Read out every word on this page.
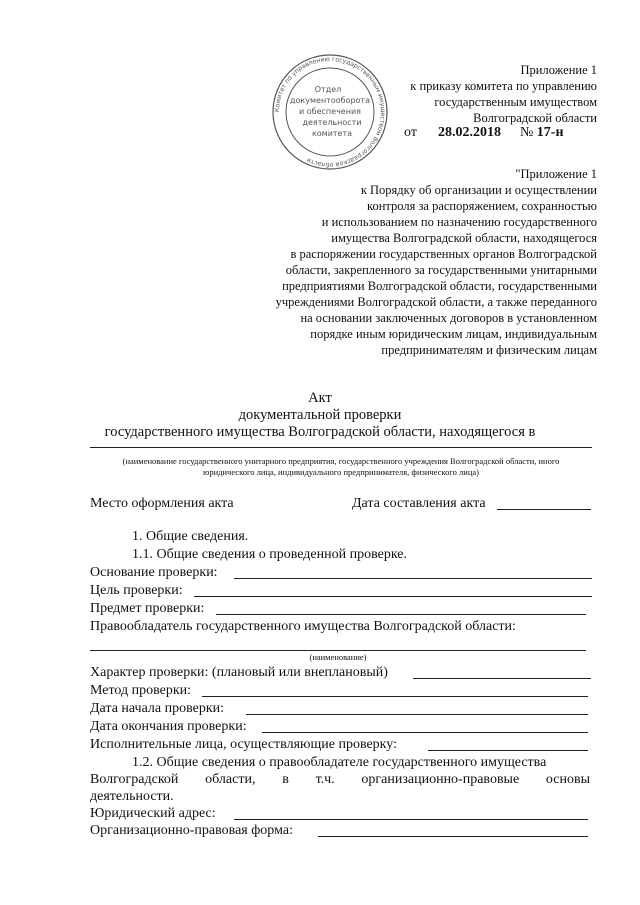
Комитет по управлению государственным имуществом Волгоградской области
Отдел
документооборота
и обеспечения
деятельности
комитета
Приложение 1
к приказу комитета по управлению
государственным имуществом
Волгоградской области
от 28.02.2018 № 17-н
"Приложение 1
к Порядку об организации и осуществлении
контроля за распоряжением, сохранностью
и использованием по назначению государственного
имущества Волгоградской области, находящегося
в распоряжении государственных органов Волгоградской
области, закрепленного за государственными унитарными
предприятиями Волгоградской области, государственными
учреждениями Волгоградской области, а также переданного
на основании заключенных договоров в установленном
порядке иным юридическим лицам, индивидуальным
предпринимателям и физическим лицам
Акт
документальной проверки
государственного имущества Волгоградской области, находящегося в
(наименование государственного унитарного предприятия, государственного учреждения Волгоградской области, иного
юридического лица, индивидуального предпринимателя, физического лица)
Место оформления акта	Дата составления акта
1. Общие сведения.
1.1. Общие сведения о проведенной проверке.
Основание проверки:
Цель проверки:
Предмет проверки:
Правообладатель государственного имущества Волгоградской области:
(наименование)
Характер проверки: (плановый или внеплановый)
Метод проверки:
Дата начала проверки:
Дата окончания проверки:
Исполнительные лица, осуществляющие проверку:
1.2. Общие сведения о правообладателе государственного имущества
Волгоградской области, в т.ч. организационно-правовые основы
деятельности.
Юридический адрес:
Организационно-правовая форма:
